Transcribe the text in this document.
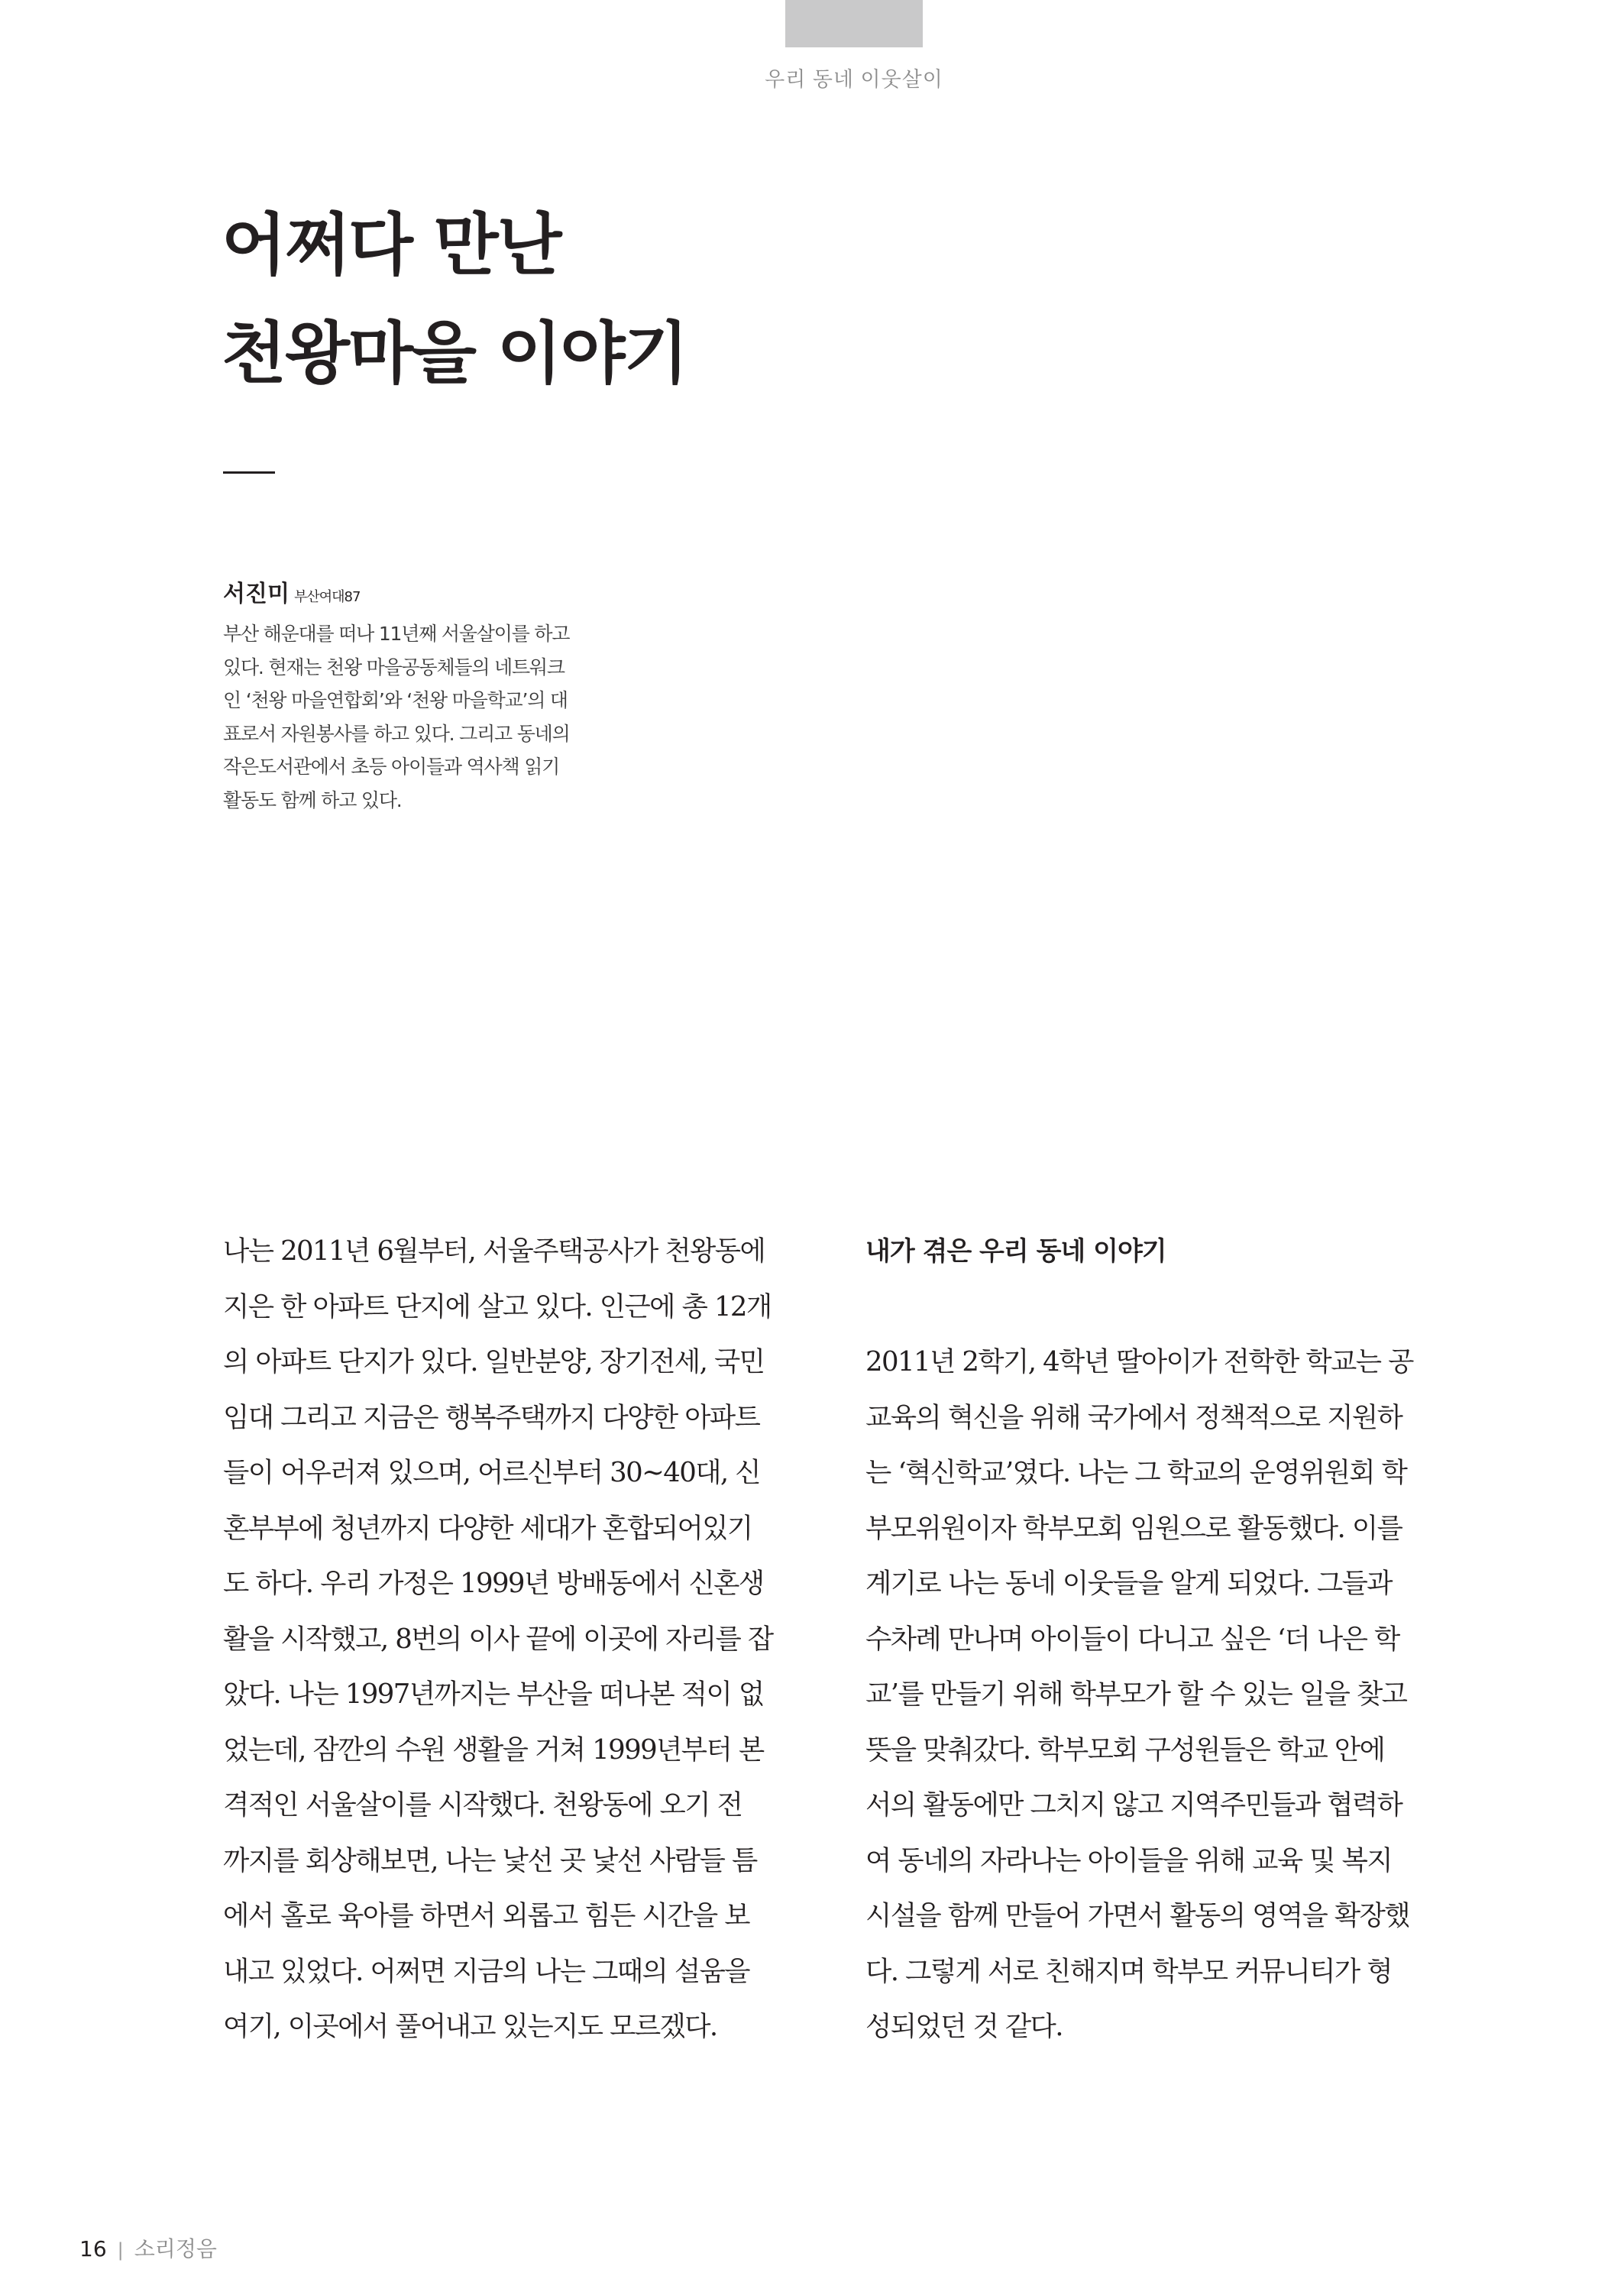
우리 동네 이웃살이
어쩌다 만난
천왕마을 이야기
서진미 부산여대87
부산 해운대를 떠나 11년째 서울살이를 하고
있다. 현재는 천왕 마을공동체들의 네트워크
인 ‘천왕 마을연합회’와 ‘천왕 마을학교’의 대
표로서 자원봉사를 하고 있다. 그리고 동네의
작은도서관에서 초등 아이들과 역사책 읽기
활동도 함께 하고 있다.
나는 2011년 6월부터, 서울주택공사가 천왕동에
지은 한 아파트 단지에 살고 있다. 인근에 총 12개
의 아파트 단지가 있다. 일반분양, 장기전세, 국민
임대 그리고 지금은 행복주택까지 다양한 아파트
들이 어우러져 있으며, 어르신부터 30~40대, 신
혼부부에 청년까지 다양한 세대가 혼합되어있기
도 하다. 우리 가정은 1999년 방배동에서 신혼생
활을 시작했고, 8번의 이사 끝에 이곳에 자리를 잡
았다. 나는 1997년까지는 부산을 떠나본 적이 없
었는데, 잠깐의 수원 생활을 거쳐 1999년부터 본
격적인 서울살이를 시작했다. 천왕동에 오기 전
까지를 회상해보면, 나는 낯선 곳 낯선 사람들 틈
에서 홀로 육아를 하면서 외롭고 힘든 시간을 보
내고 있었다. 어쩌면 지금의 나는 그때의 설움을
여기, 이곳에서 풀어내고 있는지도 모르겠다.
내가 겪은 우리 동네 이야기
2011년 2학기, 4학년 딸아이가 전학한 학교는 공
교육의 혁신을 위해 국가에서 정책적으로 지원하
는 ‘혁신학교’였다. 나는 그 학교의 운영위원회 학
부모위원이자 학부모회 임원으로 활동했다. 이를
계기로 나는 동네 이웃들을 알게 되었다. 그들과
수차례 만나며 아이들이 다니고 싶은 ‘더 나은 학
교’를 만들기 위해 학부모가 할 수 있는 일을 찾고
뜻을 맞춰갔다. 학부모회 구성원들은 학교 안에
서의 활동에만 그치지 않고 지역주민들과 협력하
여 동네의 자라나는 아이들을 위해 교육 및 복지
시설을 함께 만들어 가면서 활동의 영역을 확장했
다. 그렇게 서로 친해지며 학부모 커뮤니티가 형
성되었던 것 같다.
16 | 소리정음
